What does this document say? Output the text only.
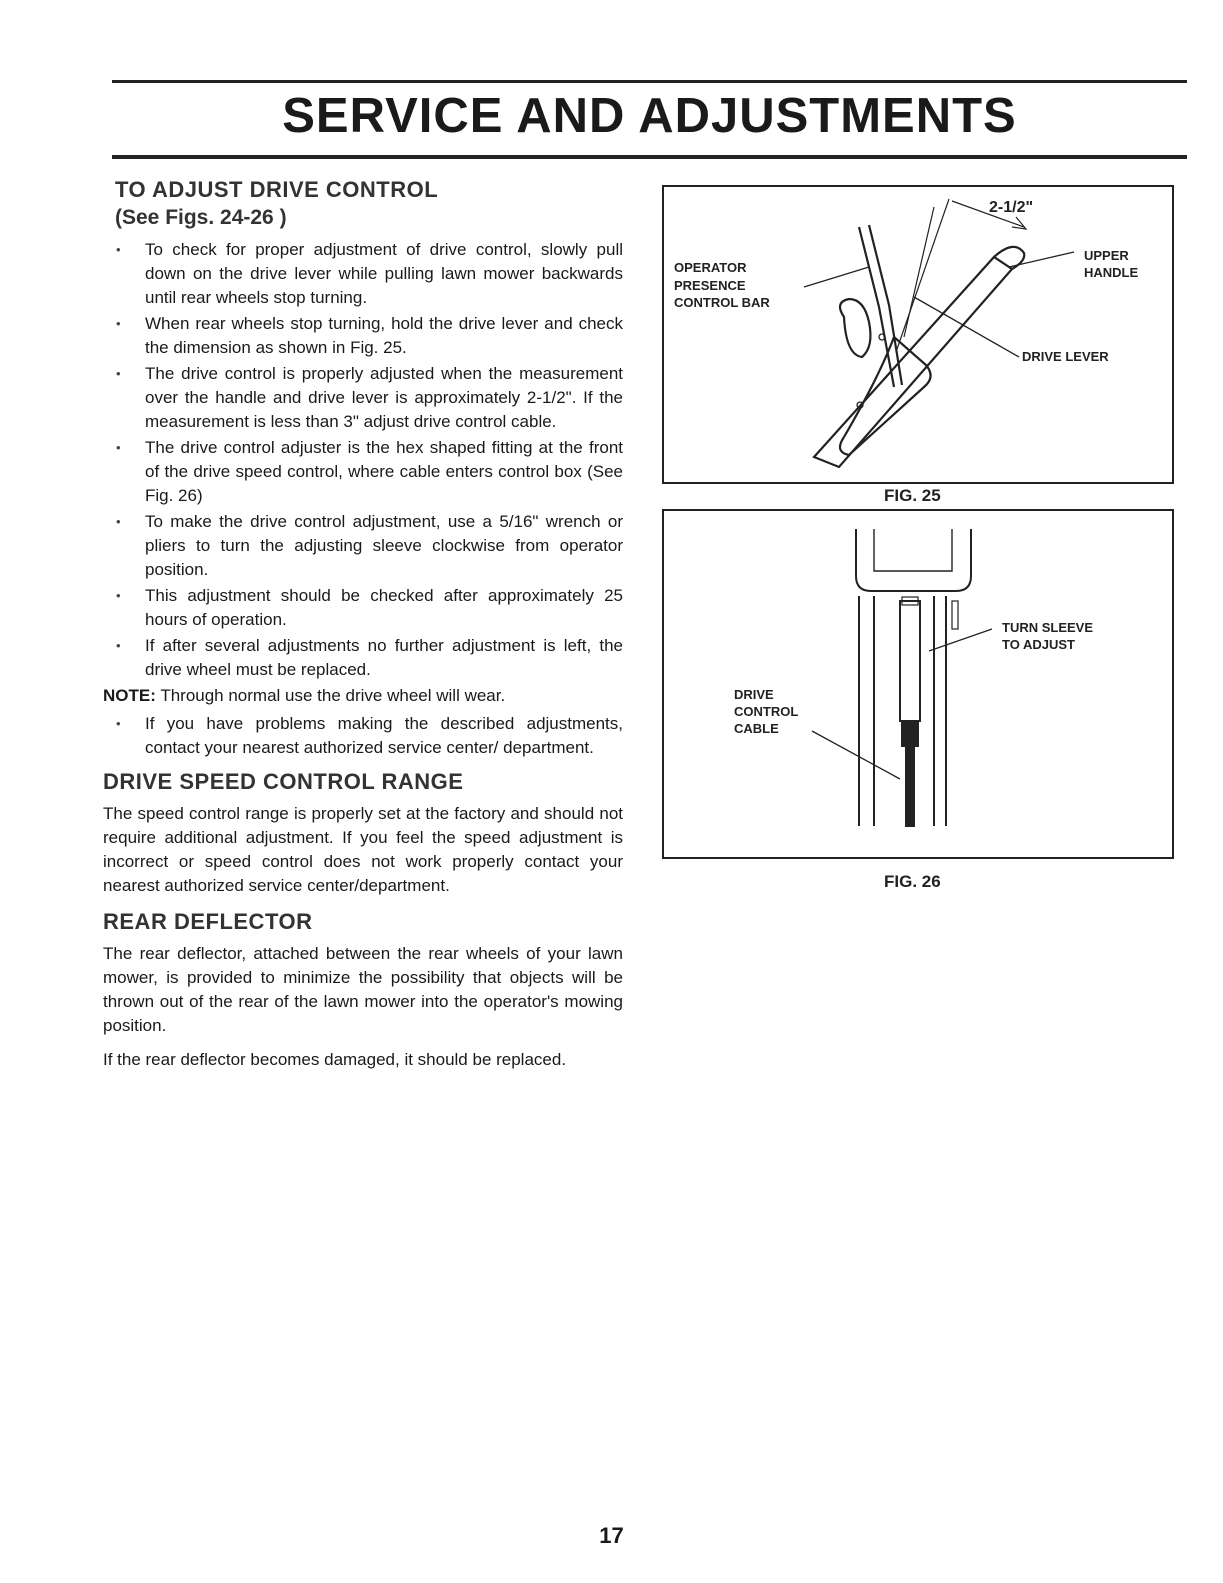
SERVICE AND ADJUSTMENTS
TO ADJUST DRIVE CONTROL
(See Figs. 24-26 )
• To check for proper adjustment of drive control, slowly pull down on the drive lever while pulling lawn mower backwards until rear wheels stop turning.
• When rear wheels stop turning, hold the drive lever and check the dimension as shown in Fig. 25.
• The drive control is properly adjusted when the measurement over the handle and drive lever is approximately 2-1/2". If the measurement is less than 3" adjust drive control cable.
• The drive control adjuster is the hex shaped fitting at the front of the drive speed control, where cable enters control box (See Fig. 26)
• To make the drive control adjustment, use a 5/16" wrench or pliers to turn the adjusting sleeve clockwise from operator position.
• This adjustment should be checked after approximately 25 hours of operation.
• If after several adjustments no further adjustment is left, the drive wheel must be replaced.
NOTE: Through normal use the drive wheel will wear.
• If you have problems making the described adjustments, contact your nearest authorized service center/ department.
DRIVE SPEED CONTROL RANGE

The speed control range is properly set at the factory and should not require additional adjustment. If you feel the speed adjustment is incorrect or speed control does not work properly contact your nearest authorized service center/department.

REAR DEFLECTOR

The rear deflector, attached between the rear wheels of your lawn mower, is provided to minimize the possibility that objects will be thrown out of the rear of the lawn mower into the operator's mowing position.

If the rear deflector becomes damaged, it should be replaced.

2-1/2"
OPERATOR
PRESENCE
CONTROL BAR
UPPER
HANDLE
DRIVE LEVER
FIG. 25
TURN SLEEVE
TO ADJUST
DRIVE
CONTROL
CABLE
FIG. 26
17
